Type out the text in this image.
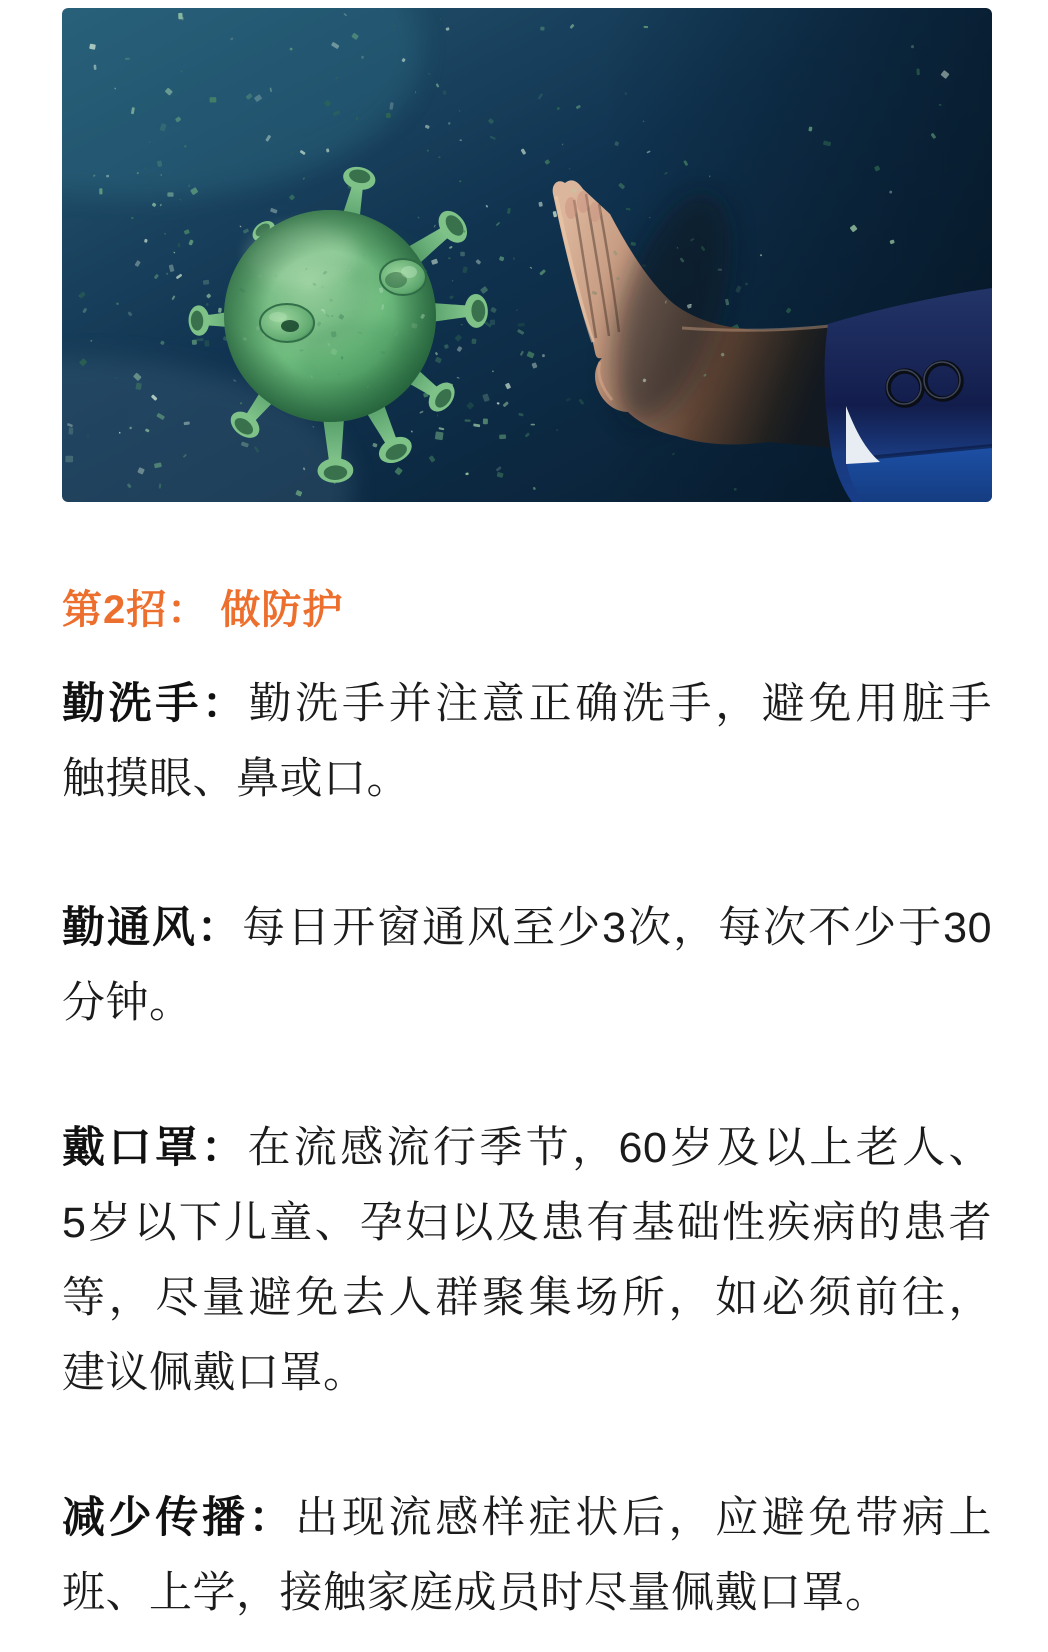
第2招： 做防护

勤洗手：勤洗手并注意正确洗手，避免用脏手
触摸眼、鼻或口。

勤通风：每日开窗通风至少3次，每次不少于30
分钟。

戴口罩：在流感流行季节，60岁及以上老人、
5岁以下儿童、孕妇以及患有基础性疾病的患者
等，尽量避免去人群聚集场所，如必须前往，
建议佩戴口罩。

减少传播：出现流感样症状后，应避免带病上
班、上学，接触家庭成员时尽量佩戴口罩。
